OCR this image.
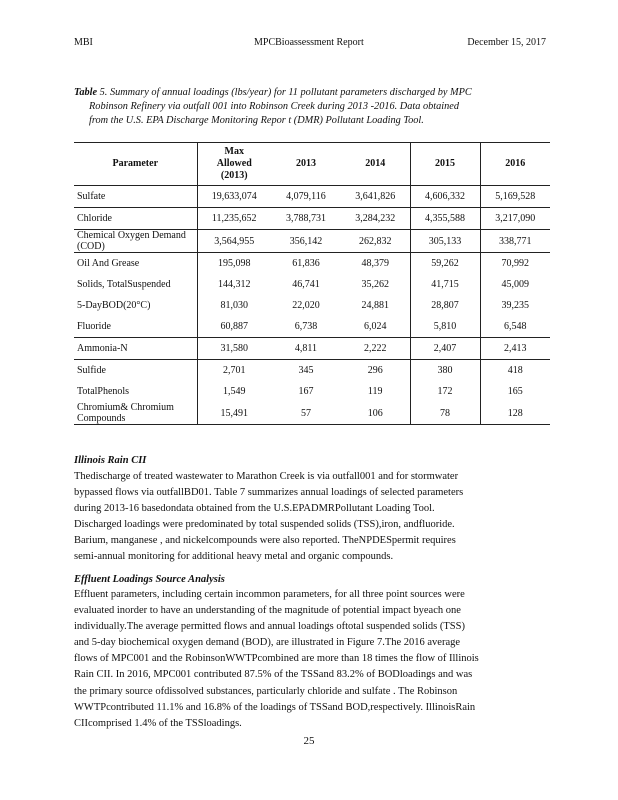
MBI	MPCBioassessment Report	December 15, 2017
Table 5. Summary of annual loadings (lbs/year) for 11 pollutant parameters discharged by MPC
Robinson Refinery via outfall 001 into Robinson Creek during 2013 -2016. Data obtained
from the U.S. EPA Discharge Monitoring Repor t (DMR) Pollutant Loading Tool.
Parameter	Max Allowed (2013)	2013	2014	2015	2016
Sulfate	19,633,074	4,079,116	3,641,826	4,606,332	5,169,528
Chloride	11,235,652	3,788,731	3,284,232	4,355,588	3,217,090
Chemical Oxygen Demand (COD)	3,564,955	356,142	262,832	305,133	338,771
Oil And Grease	195,098	61,836	48,379	59,262	70,992
Solids, TotalSuspended	144,312	46,741	35,262	41,715	45,009
5-DayBOD(20°C)	81,030	22,020	24,881	28,807	39,235
Fluoride	60,887	6,738	6,024	5,810	6,548
Ammonia-N	31,580	4,811	2,222	2,407	2,413
Sulfide	2,701	345	296	380	418
TotalPhenols	1,549	167	119	172	165
Chromium& Chromium Compounds	15,491	57	106	78	128
Illinois Rain CII
Thedischarge of treated wastewater to Marathon Creek is via outfall001 and for stormwater
bypassed flows via outfallBD01. Table 7 summarizes annual loadings of selected parameters
during 2013-16 basedondata obtained from the U.S.EPADMRPollutant Loading Tool.
Discharged loadings were predominated by total suspended solids (TSS),iron, andfluoride.
Barium, manganese , and nickelcompounds were also reported. TheNPDESpermit requires
semi-annual monitoring for additional heavy metal and organic compounds.
Effluent Loadings Source Analysis
Effluent parameters, including certain incommon parameters, for all three point sources were
evaluated inorder to have an understanding of the magnitude of potential impact byeach one
individually.The average permitted flows and annual loadings oftotal suspended solids (TSS)
and 5-day biochemical oxygen demand (BOD), are illustrated in Figure 7.The 2016 average
flows of MPC001 and the RobinsonWWTPcombined are more than 18 times the flow of Illinois
Rain CII. In 2016, MPC001 contributed 87.5% of the TSSand 83.2% of BODloadings and was
the primary source ofdissolved substances, particularly chloride and sulfate . The Robinson
WWTPcontributed 11.1% and 16.8% of the loadings of TSSand BOD,respectively. IllinoisRain
CIIcomprised 1.4% of the TSSloadings.
25
